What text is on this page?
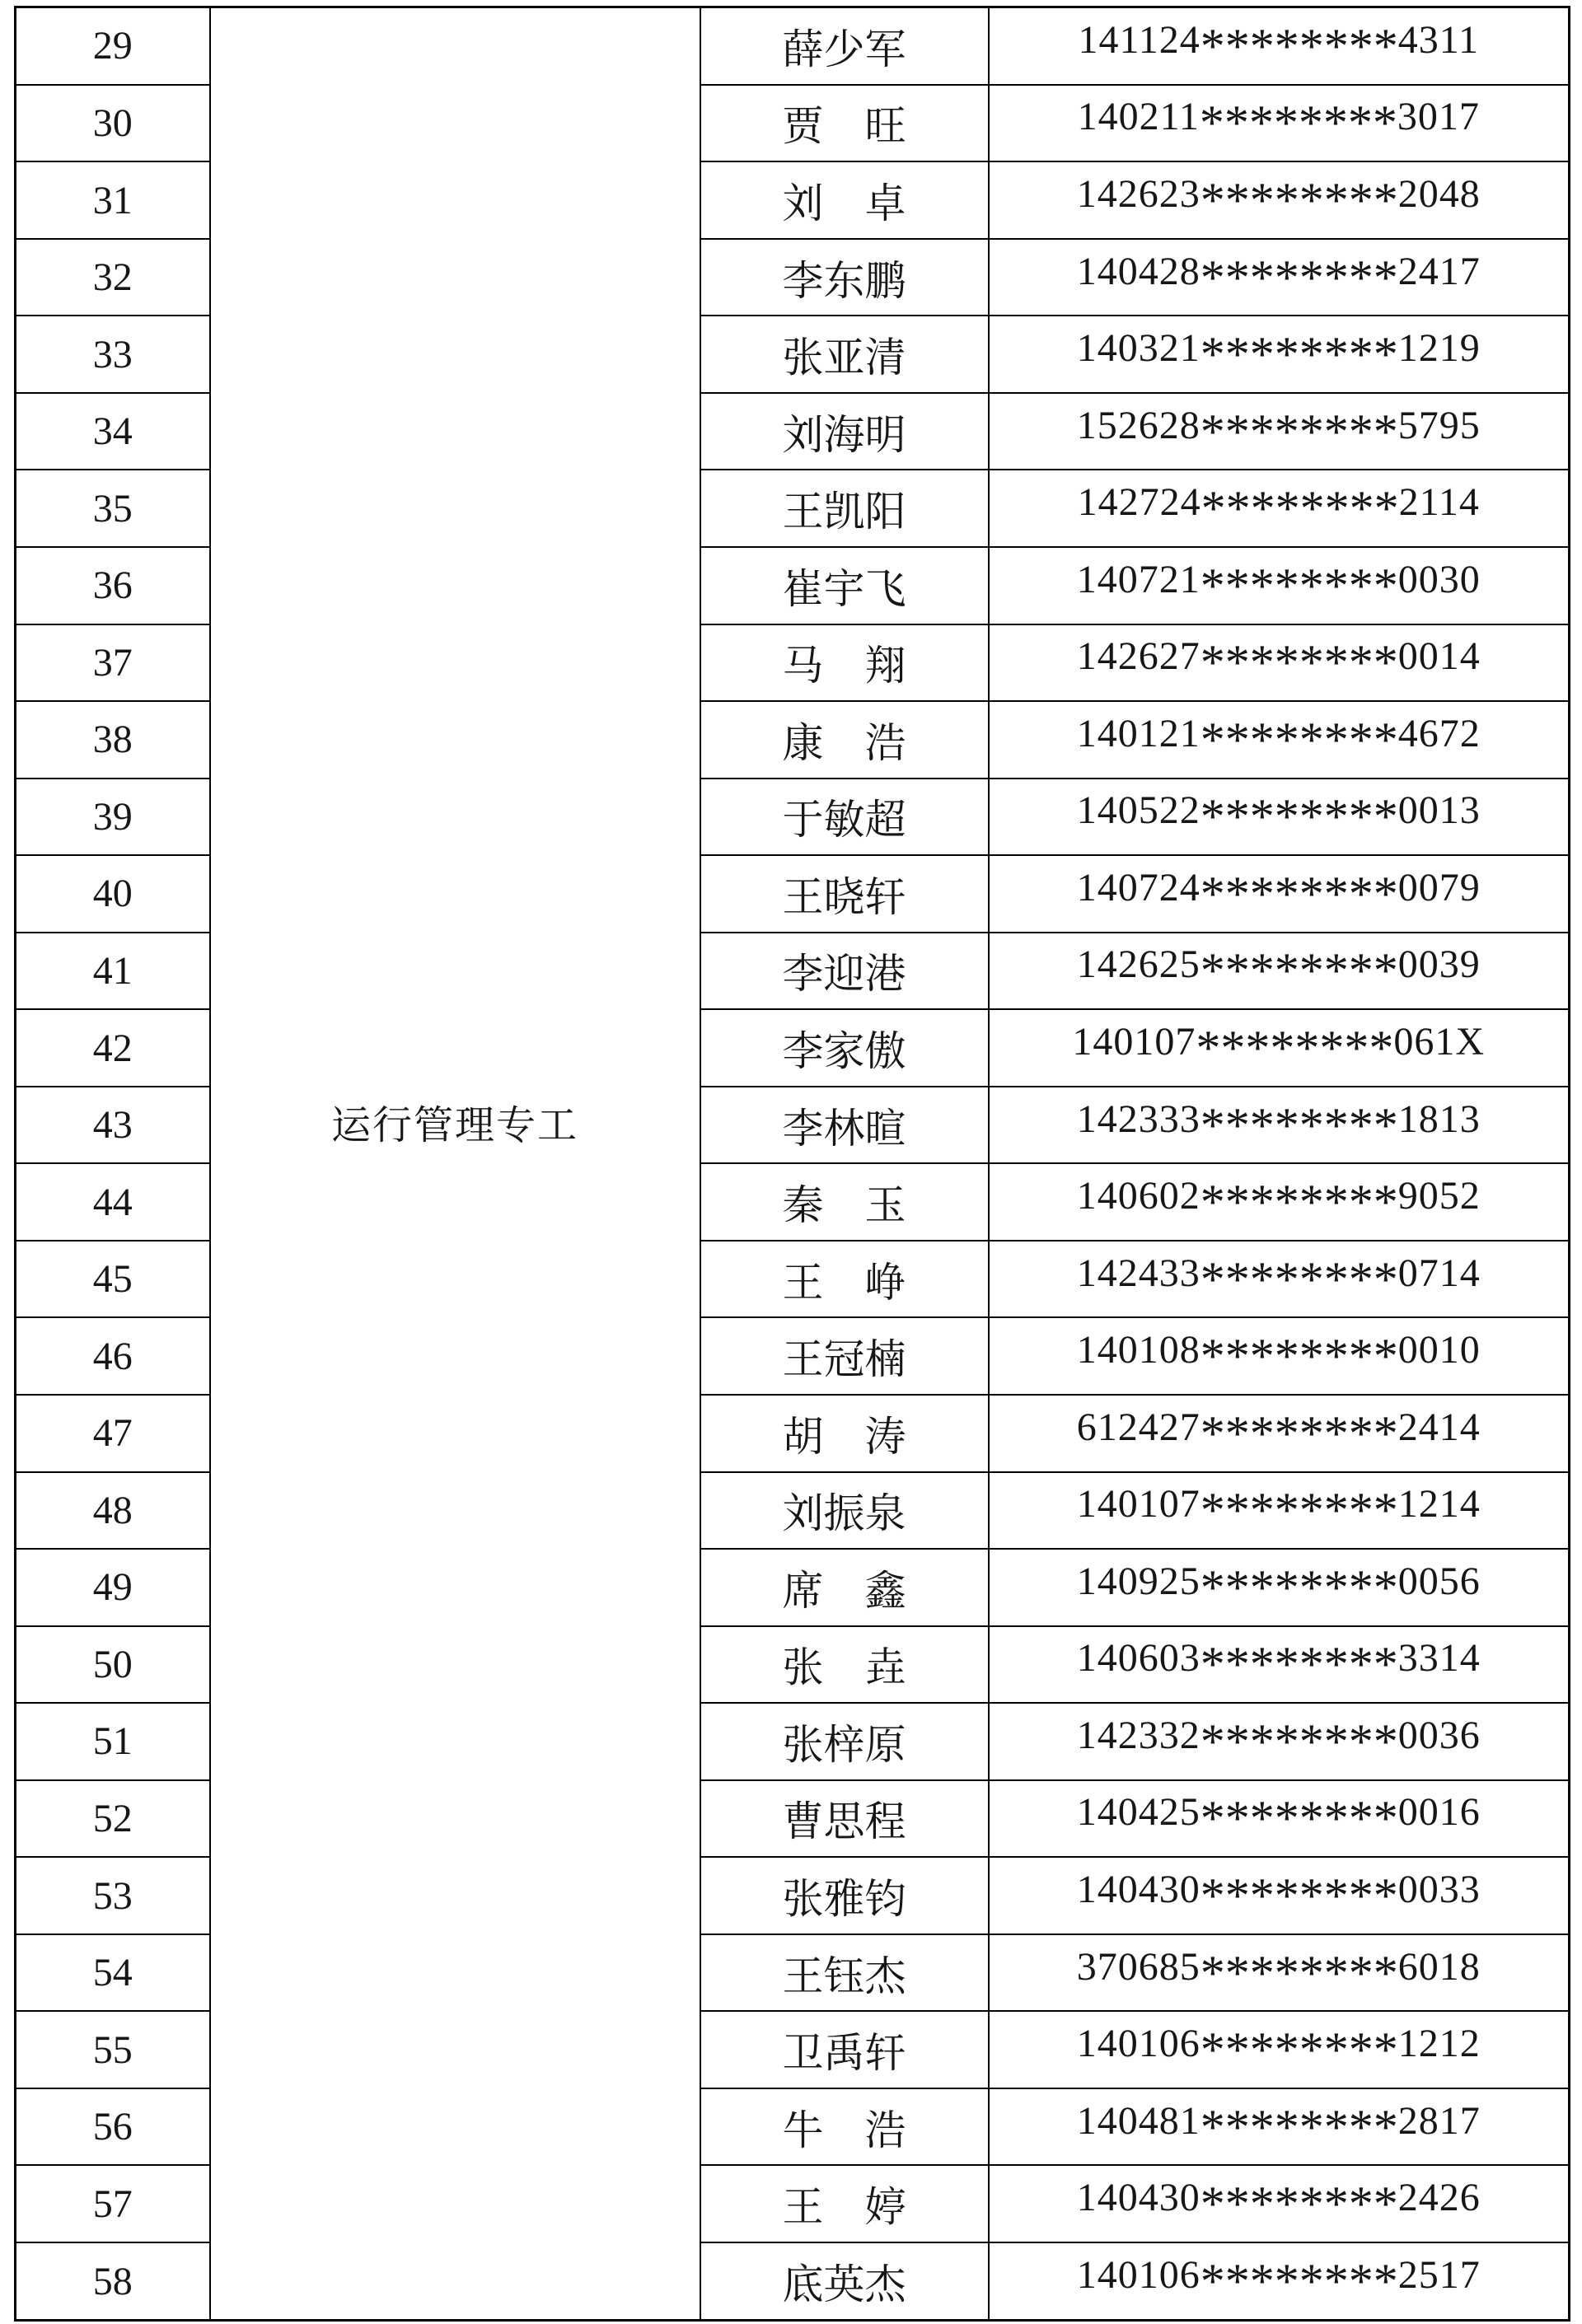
29	运行管理专工	薛少军	141124********4311
30		贾　旺	140211********3017
31		刘　卓	142623********2048
32		李东鹏	140428********2417
33		张亚清	140321********1219
34		刘海明	152628********5795
35		王凯阳	142724********2114
36		崔宇飞	140721********0030
37		马　翔	142627********0014
38		康　浩	140121********4672
39		于敏超	140522********0013
40		王晓轩	140724********0079
41		李迎港	142625********0039
42		李家傲	140107********061X
43		李林暄	142333********1813
44		秦　玉	140602********9052
45		王　峥	142433********0714
46		王冠楠	140108********0010
47		胡　涛	612427********2414
48		刘振泉	140107********1214
49		席　鑫	140925********0056
50		张　垚	140603********3314
51		张梓原	142332********0036
52		曹思程	140425********0016
53		张雅钧	140430********0033
54		王钰杰	370685********6018
55		卫禹轩	140106********1212
56		牛　浩	140481********2817
57		王　婷	140430********2426
58		底英杰	140106********2517
